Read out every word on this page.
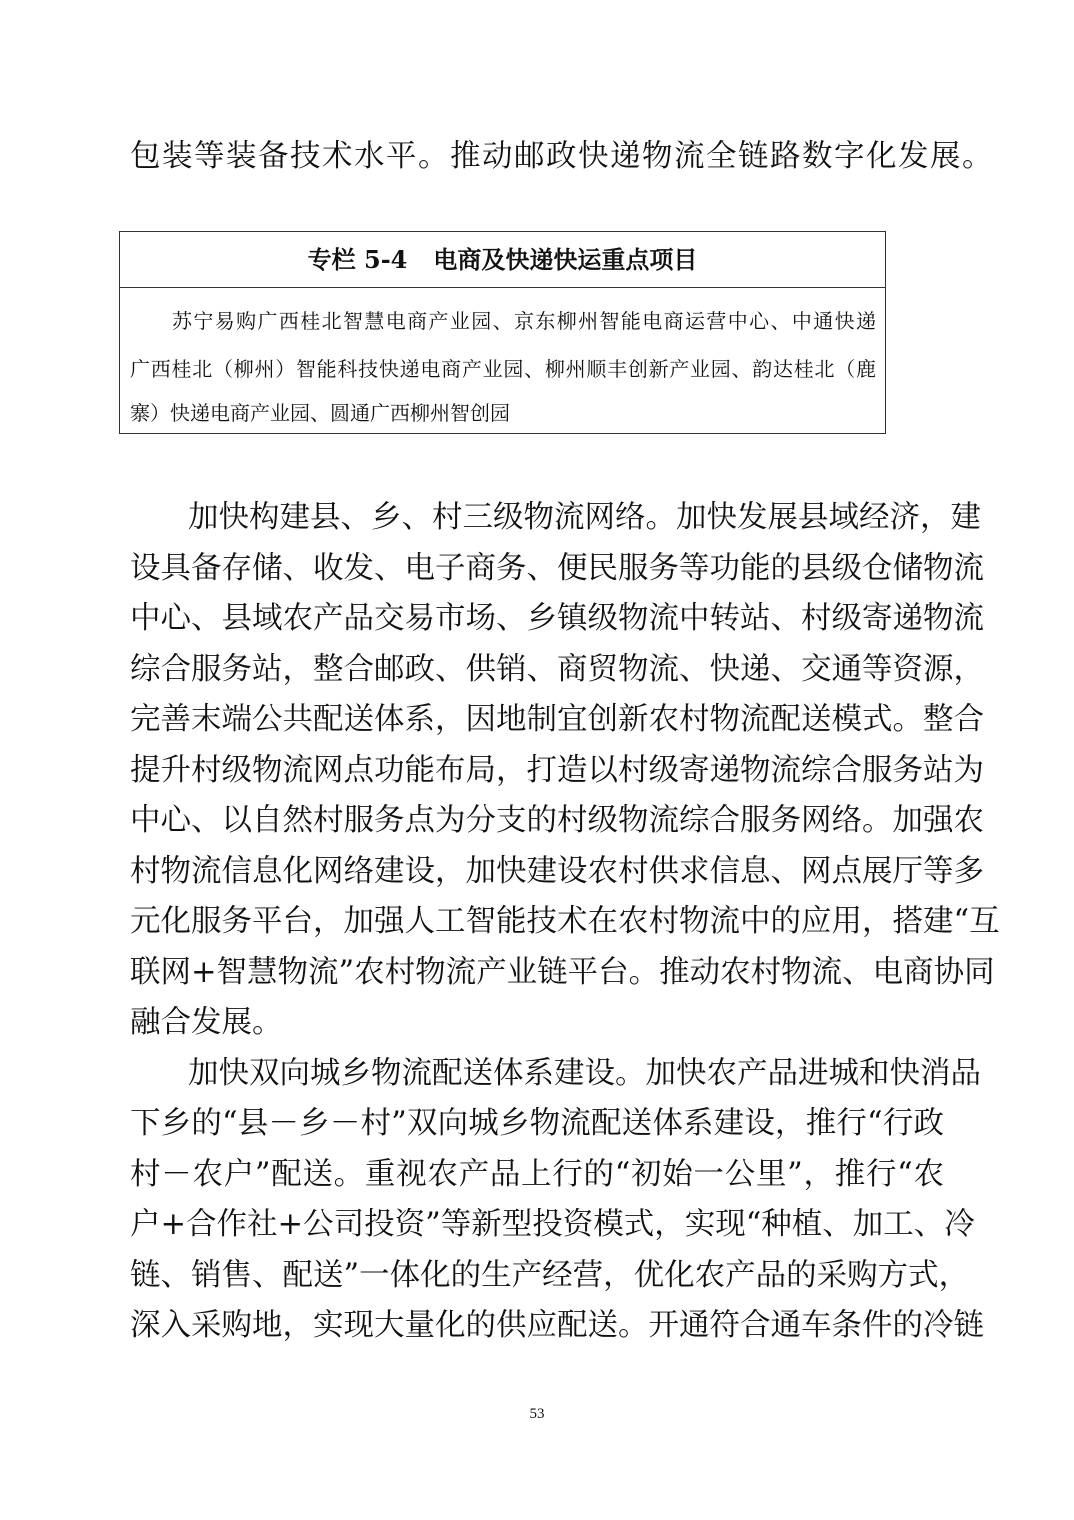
包装等装备技术水平。推动邮政快递物流全链路数字化发展。
专栏 5-4 电商及快递快运重点项目
苏宁易购广西桂北智慧电商产业园、京东柳州智能电商运营中心、中通快递
广西桂北（柳州）智能科技快递电商产业园、柳州顺丰创新产业园、韵达桂北（鹿
寨）快递电商产业园、圆通广西柳州智创园
加快构建县、乡、村三级物流网络。加快发展县域经济，建
设具备存储、收发、电子商务、便民服务等功能的县级仓储物流
中心、县域农产品交易市场、乡镇级物流中转站、村级寄递物流
综合服务站，整合邮政、供销、商贸物流、快递、交通等资源，
完善末端公共配送体系，因地制宜创新农村物流配送模式。整合
提升村级物流网点功能布局，打造以村级寄递物流综合服务站为
中心、以自然村服务点为分支的村级物流综合服务网络。加强农
村物流信息化网络建设，加快建设农村供求信息、网点展厅等多
元化服务平台，加强人工智能技术在农村物流中的应用，搭建“互
联网+智慧物流”农村物流产业链平台。推动农村物流、电商协同
融合发展。
加快双向城乡物流配送体系建设。加快农产品进城和快消品
下乡的“县－乡－村”双向城乡物流配送体系建设，推行“行政
村－农户”配送。重视农产品上行的“初始一公里”，推行“农
户+合作社+公司投资”等新型投资模式，实现“种植、加工、冷
链、销售、配送”一体化的生产经营，优化农产品的采购方式，
深入采购地，实现大量化的供应配送。开通符合通车条件的冷链
53
